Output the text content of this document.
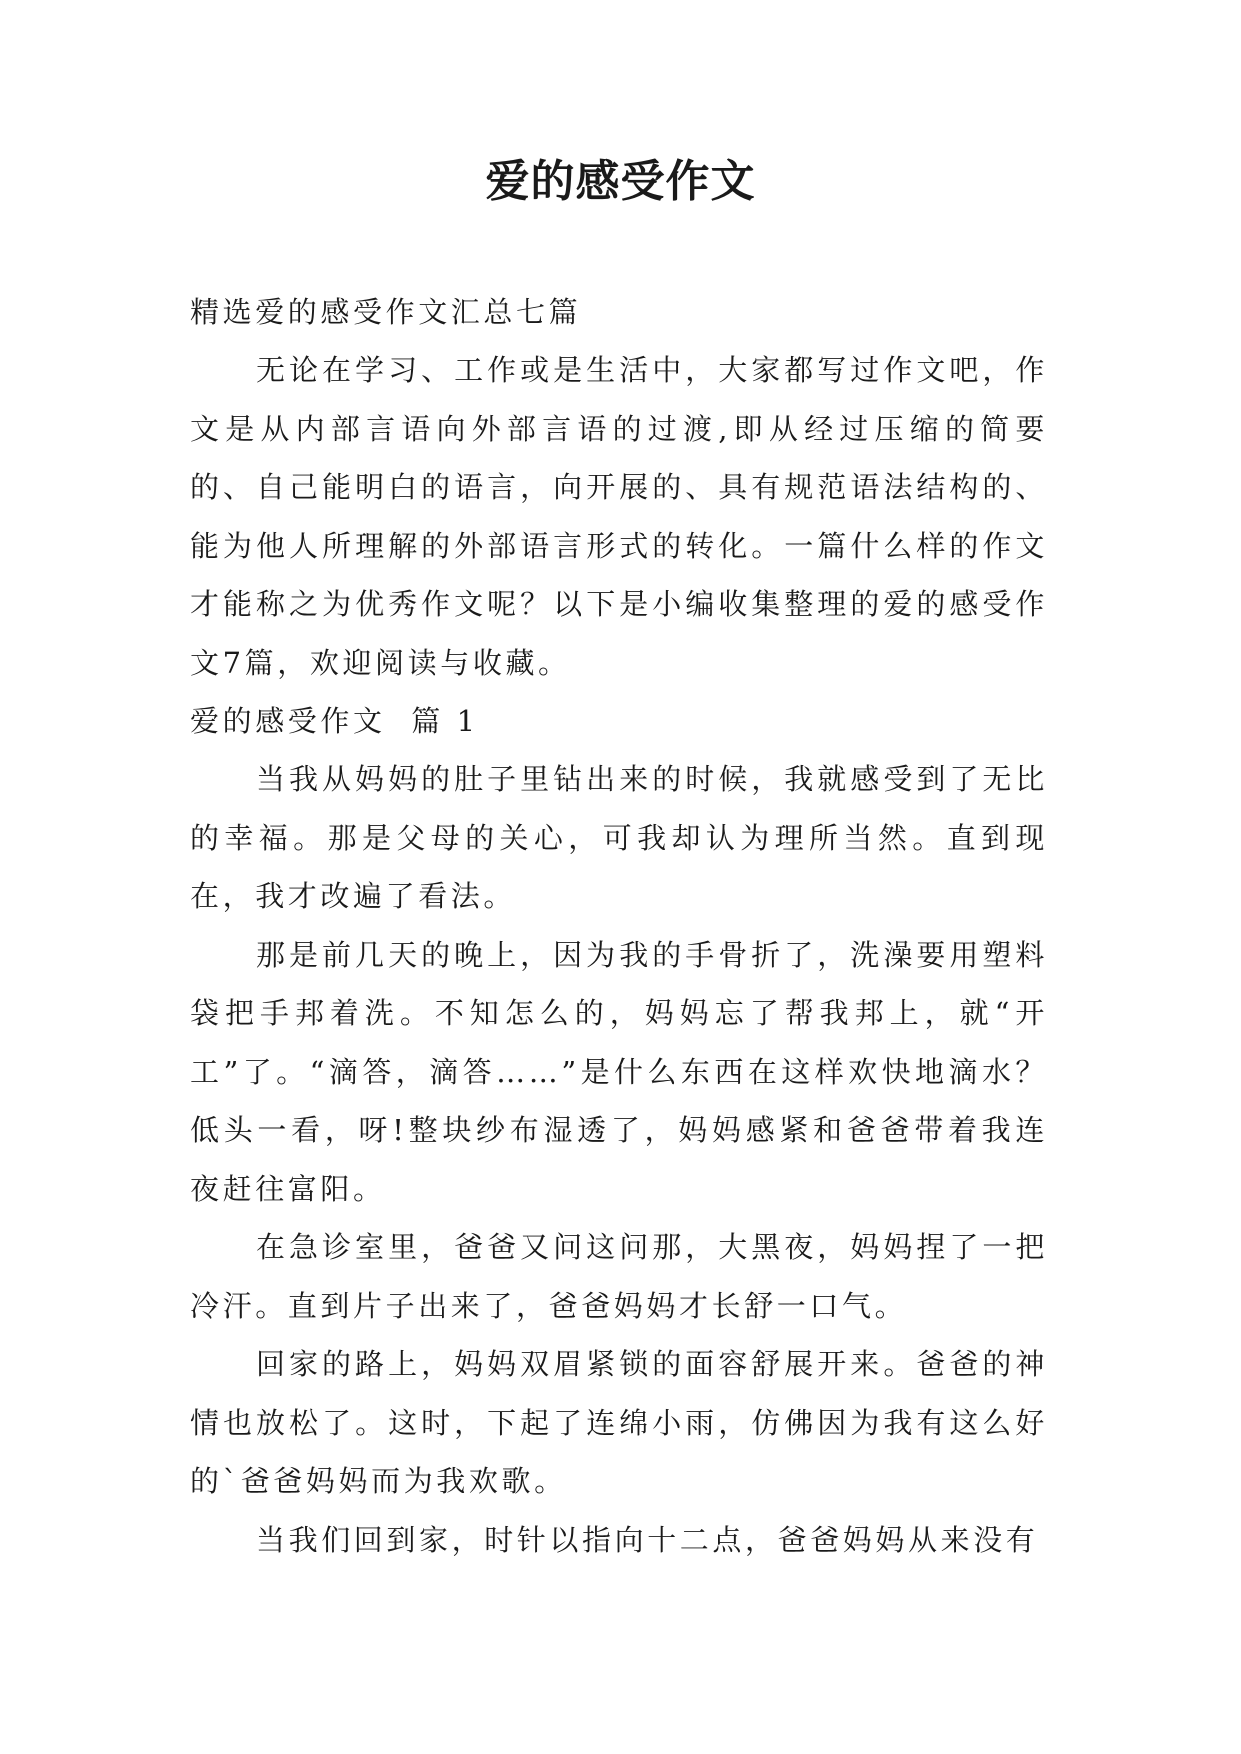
爱的感受作文

精选爱的感受作文汇总七篇

无论在学习、工作或是生活中，大家都写过作文吧，作文是从内部言语向外部言语的过渡,即从经过压缩的简要的、自己能明白的语言，向开展的、具有规范语法结构的、能为他人所理解的外部语言形式的转化。一篇什么样的作文才能称之为优秀作文呢？以下是小编收集整理的爱的感受作文7篇，欢迎阅读与收藏。

爱的感受作文  篇 1

当我从妈妈的肚子里钻出来的时候，我就感受到了无比的幸福。那是父母的关心，可我却认为理所当然。直到现在，我才改遍了看法。

那是前几天的晚上，因为我的手骨折了，洗澡要用塑料袋把手邦着洗。不知怎么的，妈妈忘了帮我邦上，就“开工”了。“滴答，滴答……”是什么东西在这样欢快地滴水？低头一看，呀!整块纱布湿透了，妈妈感紧和爸爸带着我连夜赶往富阳。

在急诊室里，爸爸又问这问那，大黑夜，妈妈捏了一把冷汗。直到片子出来了，爸爸妈妈才长舒一口气。

回家的路上，妈妈双眉紧锁的面容舒展开来。爸爸的神情也放松了。这时，下起了连绵小雨，仿佛因为我有这么好的`爸爸妈妈而为我欢歌。

当我们回到家，时针以指向十二点，爸爸妈妈从来没有
